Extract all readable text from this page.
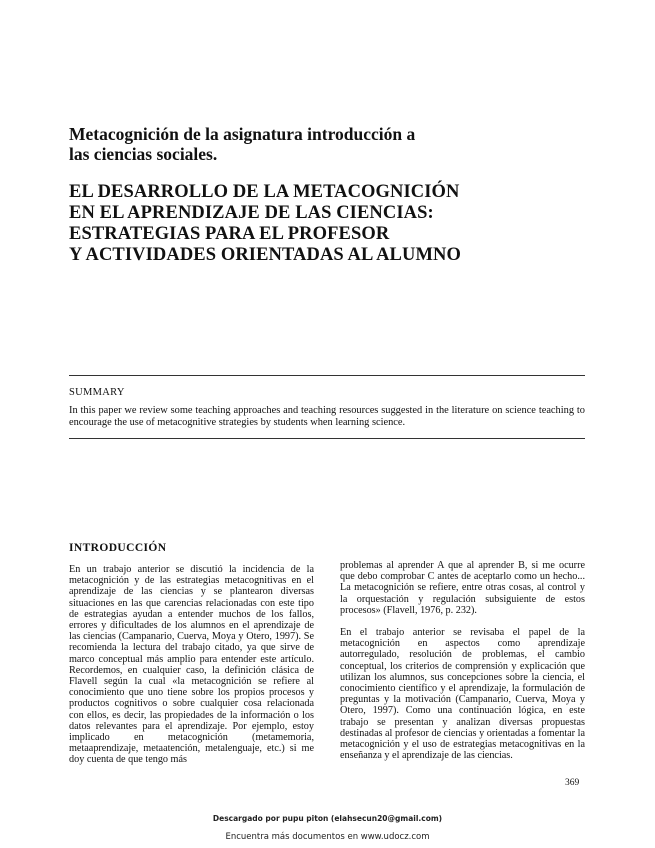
Metacognición de la asignatura introducción a
las ciencias sociales.
EL DESARROLLO DE LA METACOGNICIÓN
EN EL APRENDIZAJE DE LAS CIENCIAS:
ESTRATEGIAS PARA EL PROFESOR
Y ACTIVIDADES ORIENTADAS AL ALUMNO
SUMMARY
In this paper we review some teaching approaches and teaching resources suggested in the literature on science teaching to encourage the use of metacognitive strategies by students when learning science.
INTRODUCCIÓN

En un trabajo anterior se discutió la incidencia de la metacognición y de las estrategias metacognitivas en el aprendizaje de las ciencias y se plantearon diversas situaciones en las que carencias relacionadas con este tipo de estrategias ayudan a entender muchos de los fallos, errores y dificultades de los alumnos en el aprendizaje de las ciencias (Campanario, Cuerva, Moya y Otero, 1997). Se recomienda la lectura del trabajo citado, ya que sirve de marco conceptual más amplio para entender este artículo. Recordemos, en cualquier caso, la definición clásica de Flavell según la cual «la metacognición se refiere al conocimiento que uno tiene sobre los propios procesos y productos cognitivos o sobre cualquier cosa relacionada con ellos, es decir, las propiedades de la información o los datos relevantes para el aprendizaje. Por ejemplo, estoy implicado en metacognición (metamemoria, metaaprendizaje, metaatención, metalenguaje, etc.) si me doy cuenta de que tengo más

problemas al aprender A que al aprender B, si me ocurre que debo comprobar C antes de aceptarlo como un hecho... La metacognición se refiere, entre otras cosas, al control y la orquestación y regulación subsiguiente de estos procesos» (Flavell, 1976, p. 232).

En el trabajo anterior se revisaba el papel de la metacognición en aspectos como aprendizaje autorregulado, resolución de problemas, el cambio conceptual, los criterios de comprensión y explicación que utilizan los alumnos, sus concepciones sobre la ciencia, el conocimiento científico y el aprendizaje, la formulación de preguntas y la motivación (Campanario, Cuerva, Moya y Otero, 1997). Como una continuación lógica, en este trabajo se presentan y analizan diversas propuestas destinadas al profesor de ciencias y orientadas a fomentar la metacognición y el uso de estrategias metacognitivas en la enseñanza y el aprendizaje de las ciencias.

369
Descargado por pupu piton (elahsecun20@gmail.com)
Encuentra más documentos en www.udocz.com
